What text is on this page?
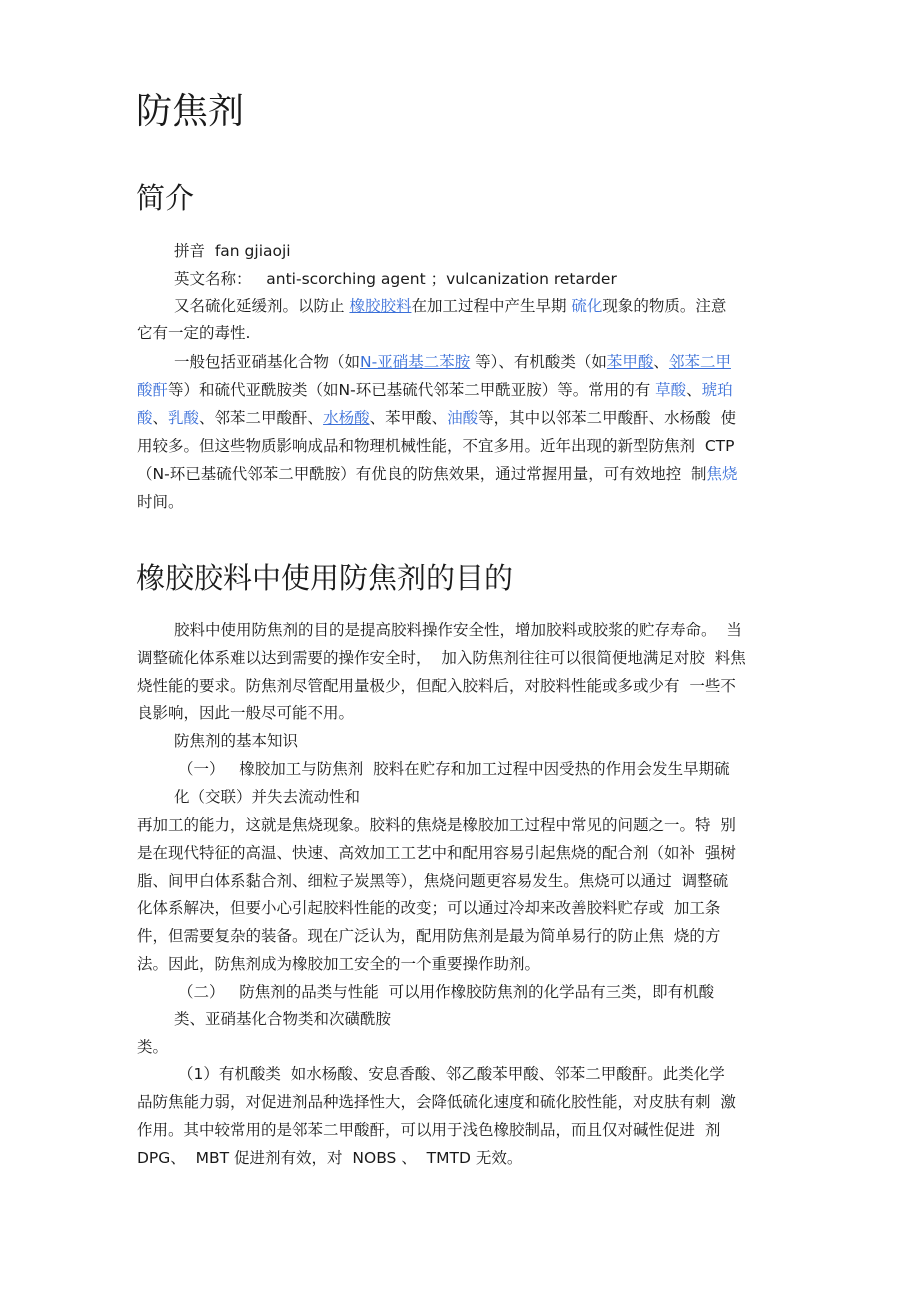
防焦剂
简介
拼音  fan gjiaoji
英文名称：   anti-scorching agent ；vulcanization retarder
又名硫化延缓剂。以防止 橡胶胶料在加工过程中产生早期 硫化现象的物质。注意
它有一定的毒性.
一般包括亚硝基化合物（如N-亚硝基二苯胺 等）、有机酸类（如苯甲酸、邻苯二甲
酸酐等）和硫代亚酰胺类（如N-环已基硫代邻苯二甲酰亚胺）等。常用的有 草酸、琥珀
酸、乳酸、邻苯二甲酸酐、水杨酸、苯甲酸、油酸等，其中以邻苯二甲酸酐、水杨酸  使
用较多。但这些物质影响成品和物理机械性能，不宜多用。近年出现的新型防焦剂  CTP
（N-环已基硫代邻苯二甲酰胺）有优良的防焦效果，通过常握用量，可有效地控  制焦烧
时间。
橡胶胶料中使用防焦剂的目的
胶料中使用防焦剂的目的是提高胶料操作安全性，增加胶料或胶浆的贮存寿命。  当
调整硫化体系难以达到需要的操作安全时，  加入防焦剂往往可以很简便地满足对胶  料焦
烧性能的要求。防焦剂尽管配用量极少，但配入胶料后，对胶料性能或多或少有  一些不
良影响，因此一般尽可能不用。
防焦剂的基本知识
（一）   橡胶加工与防焦剂  胶料在贮存和加工过程中因受热的作用会发生早期硫
化（交联）并失去流动性和
再加工的能力，这就是焦烧现象。胶料的焦烧是橡胶加工过程中常见的问题之一。特  别
是在现代特征的高温、快速、高效加工工艺中和配用容易引起焦烧的配合剂（如补  强树
脂、间甲白体系黏合剂、细粒子炭黑等），焦烧问题更容易发生。焦烧可以通过  调整硫
化体系解决，但要小心引起胶料性能的改变；可以通过冷却来改善胶料贮存或  加工条
件，但需要复杂的装备。现在广泛认为，配用防焦剂是最为简单易行的防止焦  烧的方
法。因此，防焦剂成为橡胶加工安全的一个重要操作助剂。
（二）   防焦剂的品类与性能  可以用作橡胶防焦剂的化学品有三类，即有机酸
类、亚硝基化合物类和次磺酰胺
类。
（1）有机酸类  如水杨酸、安息香酸、邻乙酸苯甲酸、邻苯二甲酸酐。此类化学
品防焦能力弱，对促进剂品种选择性大，会降低硫化速度和硫化胶性能，对皮肤有刺  激
作用。其中较常用的是邻苯二甲酸酐，可以用于浅色橡胶制品，而且仅对碱性促进  剂
DPG、  MBT 促进剂有效，对  NOBS 、  TMTD 无效。
